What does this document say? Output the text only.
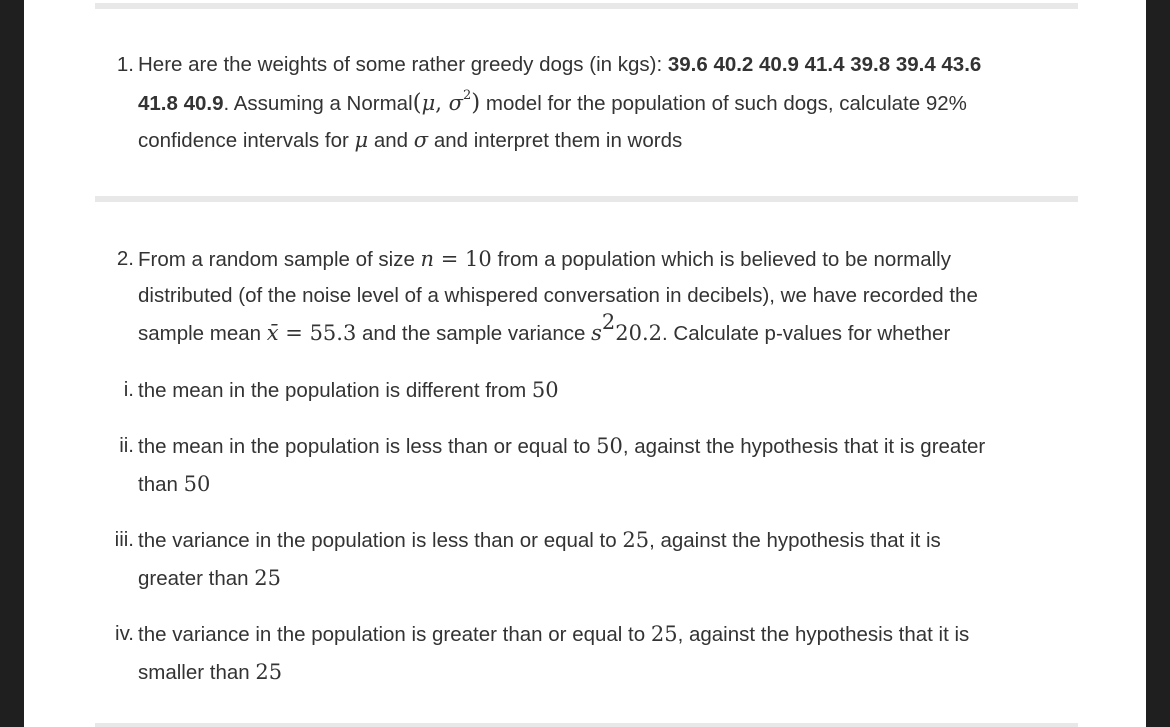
1. Here are the weights of some rather greedy dogs (in kgs): 39.6 40.2 40.9 41.4 39.8 39.4 43.6
41.8 40.9. Assuming a Normal(μ, $\sigma^2$) model for the population of such dogs, calculate 92%
confidence intervals for μ and σ and interpret them in words
2. From a random sample of size n = 10 from a population which is believed to be normally
distributed (of the noise level of a whispered conversation in decibels), we have recorded the
sample mean x̄ = 55.3 and the sample variance $s^220.2$. Calculate p-values for whether
i. the mean in the population is different from 50
ii. the mean in the population is less than or equal to 50, against the hypothesis that it is greater
than 50
iii. the variance in the population is less than or equal to 25, against the hypothesis that it is
greater than 25
iv. the variance in the population is greater than or equal to 25, against the hypothesis that it is
smaller than 25
